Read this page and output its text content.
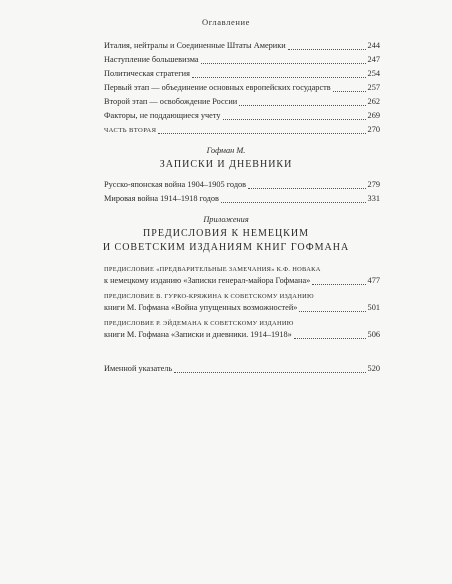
Оглавление
Италия, нейтралы и Соединенные Штаты Америки	244
Наступление большевизма	247
Политическая стратегия	254
Первый этап — объединение основных европейских государств	257
Второй этап — освобождение России	262
Факторы, не поддающиеся учету	269
ЧАСТЬ ВТОРАЯ	270
Гофман М.
ЗАПИСКИ И ДНЕВНИКИ
Русско-японская война 1904–1905 годов	279
Мировая война 1914–1918 годов	331
Приложения
ПРЕДИСЛОВИЯ К НЕМЕЦКИМ
И СОВЕТСКИМ ИЗДАНИЯМ КНИГ ГОФМАНА
ПРЕДИСЛОВИЕ «ПРЕДВАРИТЕЛЬНЫЕ ЗАМЕЧАНИЯ» К.Ф. НОВАКА
к немецкому изданию «Записки генерал-майора Гофмана»	477
ПРЕДИСЛОВИЕ В. ГУРКО-КРЯЖИНА К СОВЕТСКОМУ ИЗДАНИЮ
книги М. Гофмана «Война упущенных возможностей»	501
ПРЕДИСЛОВИЕ Р. ЭЙДЕМАНА К СОВЕТСКОМУ ИЗДАНИЮ
книги М. Гофмана «Записки и дневники. 1914–1918»	506
Именной указатель	520
